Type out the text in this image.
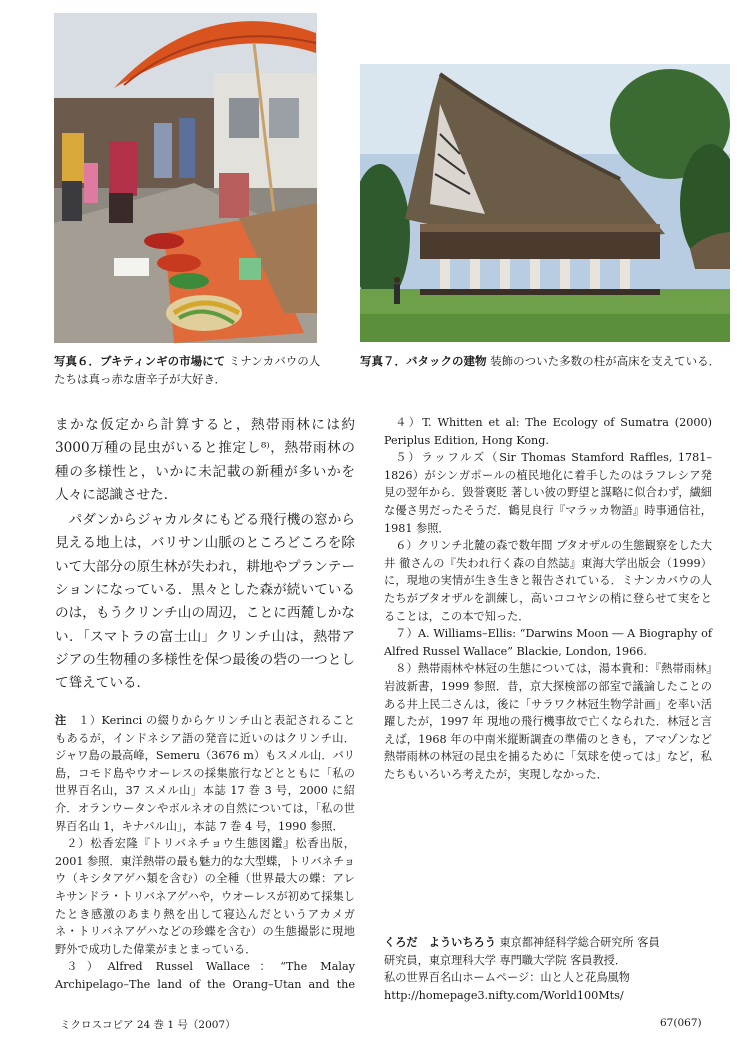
写真６．ブキティンギの市場にて ミナンカバウの人たちは真っ赤な唐辛子が大好き．
写真７．バタックの建物 装飾のついた多数の柱が高床を支えている．

まかな仮定から計算すると，熱帯雨林には約3000万種の昆虫がいると推定し⁸⁾，熱帯雨林の種の多様性と，いかに未記載の新種が多いかを人々に認識させた．

パダンからジャカルタにもどる飛行機の窓から見える地上は，バリサン山脈のところどころを除いて大部分の原生林が失われ，耕地やプランテーションになっている．黒々とした森が続いているのは，もうクリンチ山の周辺，ことに西麓しかない．「スマトラの富士山」クリンチ山は，熱帯アジアの生物種の多様性を保つ最後の砦の一つとして聳えている．

注　 １）Kerinci の綴りからケリンチ山と表記されることもあるが，インドネシア語の発音に近いのはクリンチ山．ジャワ島の最高峰，Semeru（3676 m）もスメル山．バリ島，コモド島やウオーレスの採集旅行などとともに「私の世界百名山，37 スメル山」本誌 17 巻 3 号，2000 に紹介．オランウータンやボルネオの自然については，「私の世界百名山 1，キナバル山」，本誌 7 巻 4 号，1990 参照．

２）松香宏隆『トリバネチョウ生態図鑑』松香出版，2001 参照．東洋熱帯の最も魅力的な大型蝶，トリバネチョウ（キシタアゲハ類を含む）の全種（世界最大の蝶：アレキサンドラ・トリバネアゲハや，ウオーレスが初めて採集したとき感激のあまり熱を出して寝込んだというアカメガネ・トリバネアゲハなどの珍蝶を含む）の生態撮影に現地野外で成功した偉業がまとまっている．

３）Alfred Russel Wallace：“The Malay Archipelago–The land of the Orang–Utan and the

４）T. Whitten et al: The Ecology of Sumatra (2000) Periplus Edition, Hong Kong.

５）ラッフルズ（Sir Thomas Stamford Raffles, 1781–1826）がシンガポールの植民地化に着手したのはラフレシア発見の翌年から．毀誉褒貶 著しい彼の野望と謀略に似合わず，繊細な優さ男だったそうだ．鶴見良行『マラッカ物語』時事通信社，1981 参照．

６）クリンチ北麓の森で数年間 ブタオザルの生態観察をした大井 徹さんの『失われ行く森の自然誌』東海大学出版会（1999）に，現地の実情が生き生きと報告されている．ミナンカバウの人たちがブタオザルを訓練し，高いココヤシの梢に登らせて実をとることは，この本で知った．

７）A. Williams–Ellis: “Darwins Moon ― A Biography of Alfred Russel Wallace” Blackie, London, 1966.

８）熱帯雨林や林冠の生態については，湯本貴和：『熱帯雨林』岩波新書，1999 参照．昔，京大探検部の部室で議論したことのある井上民二さんは，後に「サラワク林冠生物学計画」を率い活躍したが，1997 年 現地の飛行機事故で亡くなられた．林冠と言えば，1968 年の中南米縦断調査の準備のときも，アマゾンなど熱帯雨林の林冠の昆虫を捕るために「気球を使っては」など，私たちもいろいろ考えたが，実現しなかった．

くろだ　よういちろう 東京都神経科学総合研究所 客員
研究員，東京理科大学 専門職大学院 客員教授．
私の世界百名山ホームページ：山と人と花鳥風物
http://homepage3.nifty.com/World100Mts/
ミクロスコピア 24 巻 1 号（2007）	67(067)
